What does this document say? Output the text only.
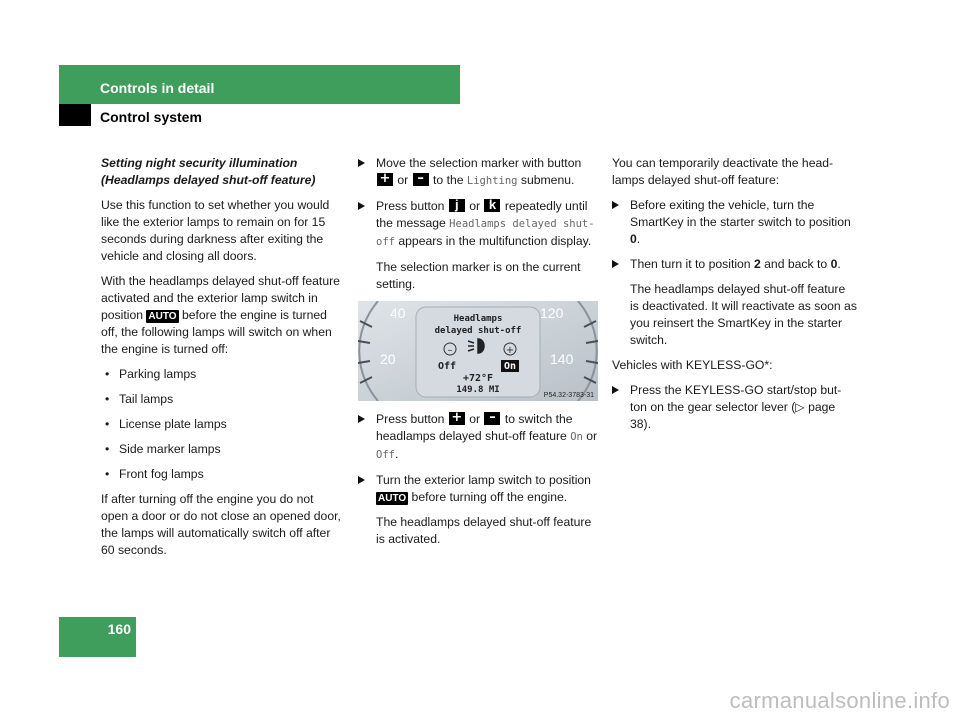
Controls in detail
Control system

Setting night security illumination (Headlamps delayed shut-off feature)

Use this function to set whether you would like the exterior lamps to remain on for 15 seconds during darkness after exiting the vehicle and closing all doors.

With the headlamps delayed shut-off feature activated and the exterior lamp switch in position AUTO before the engine is turned off, the following lamps will switch on when the engine is turned off:

• Parking lamps
• Tail lamps
• License plate lamps
• Side marker lamps
• Front fog lamps

If after turning off the engine you do not open a door or do not close an opened door, the lamps will automatically switch off after 60 seconds.

Move the selection marker with button
+ or – to the Lighting submenu.
Press button j or k repeatedly until the message Headlamps delayed shut-off appears in the multifunction display.

The selection marker is on the current setting.

40
20
120
140
Headlamps
delayed shut-off
–	+
Off	On
+72°F
149.8 MI
P54.32-3783-31
Press button + or – to switch the headlamps delayed shut-off feature On or Off.
Turn the exterior lamp switch to position AUTO before turning off the engine.

The headlamps delayed shut-off feature is activated.

You can temporarily deactivate the head-lamps delayed shut-off feature:

Before exiting the vehicle, turn the SmartKey in the starter switch to position 0.
Then turn it to position 2 and back to 0.

The headlamps delayed shut-off feature is deactivated. It will reactivate as soon as you reinsert the SmartKey in the starter switch.

Vehicles with KEYLESS-GO*:

Press the KEYLESS-GO start/stop but-ton on the gear selector lever (▷ page 38).
160
carmanualsonline.info
